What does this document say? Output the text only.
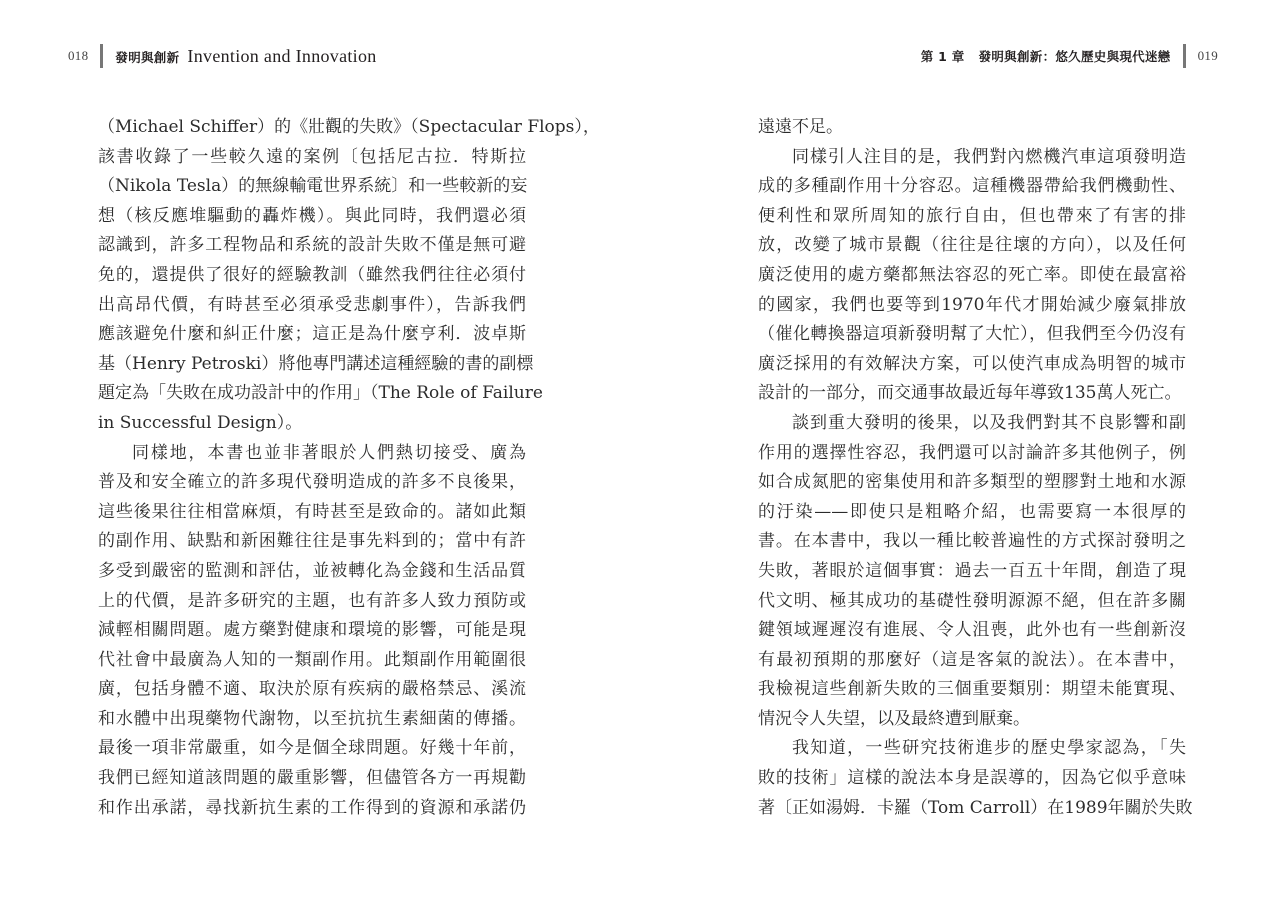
018 發明與創新 Invention and Innovation
（Michael Schiffer）的《壯觀的失敗》（Spectacular Flops），
該書收錄了一些較久遠的案例〔包括尼古拉．特斯拉
（Nikola Tesla）的無線輸電世界系統〕和一些較新的妄
想（核反應堆驅動的轟炸機）。與此同時，我們還必須
認識到，許多工程物品和系統的設計失敗不僅是無可避
免的，還提供了很好的經驗教訓（雖然我們往往必須付
出高昂代價，有時甚至必須承受悲劇事件），告訴我們
應該避免什麼和糾正什麼；這正是為什麼亨利．波卓斯
基（Henry Petroski）將他專門講述這種經驗的書的副標
題定為「失敗在成功設計中的作用」（The Role of Failure
in Successful Design）。
同樣地，本書也並非著眼於人們熱切接受、廣為
普及和安全確立的許多現代發明造成的許多不良後果，
這些後果往往相當麻煩，有時甚至是致命的。諸如此類
的副作用、缺點和新困難往往是事先料到的；當中有許
多受到嚴密的監測和評估，並被轉化為金錢和生活品質
上的代價，是許多研究的主題，也有許多人致力預防或
減輕相關問題。處方藥對健康和環境的影響，可能是現
代社會中最廣為人知的一類副作用。此類副作用範圍很
廣，包括身體不適、取決於原有疾病的嚴格禁忌、溪流
和水體中出現藥物代謝物，以至抗抗生素細菌的傳播。
最後一項非常嚴重，如今是個全球問題。好幾十年前，
我們已經知道該問題的嚴重影響，但儘管各方一再規勸
和作出承諾，尋找新抗生素的工作得到的資源和承諾仍
第 1 章 發明與創新：悠久歷史與現代迷戀 019
遠遠不足。
同樣引人注目的是，我們對內燃機汽車這項發明造
成的多種副作用十分容忍。這種機器帶給我們機動性、
便利性和眾所周知的旅行自由，但也帶來了有害的排
放，改變了城市景觀（往往是往壞的方向），以及任何
廣泛使用的處方藥都無法容忍的死亡率。即使在最富裕
的國家，我們也要等到1970年代才開始減少廢氣排放
（催化轉換器這項新發明幫了大忙），但我們至今仍沒有
廣泛採用的有效解決方案，可以使汽車成為明智的城市
設計的一部分，而交通事故最近每年導致135萬人死亡。
談到重大發明的後果，以及我們對其不良影響和副
作用的選擇性容忍，我們還可以討論許多其他例子，例
如合成氮肥的密集使用和許多類型的塑膠對土地和水源
的汙染——即使只是粗略介紹，也需要寫一本很厚的
書。在本書中，我以一種比較普遍性的方式探討發明之
失敗，著眼於這個事實：過去一百五十年間，創造了現
代文明、極其成功的基礎性發明源源不絕，但在許多關
鍵領域遲遲沒有進展、令人沮喪，此外也有一些創新沒
有最初預期的那麼好（這是客氣的說法）。在本書中，
我檢視這些創新失敗的三個重要類別：期望未能實現、
情況令人失望，以及最終遭到厭棄。
我知道，一些研究技術進步的歷史學家認為，「失
敗的技術」這樣的說法本身是誤導的，因為它似乎意味
著〔正如湯姆．卡羅（Tom Carroll）在1989年關於失敗
